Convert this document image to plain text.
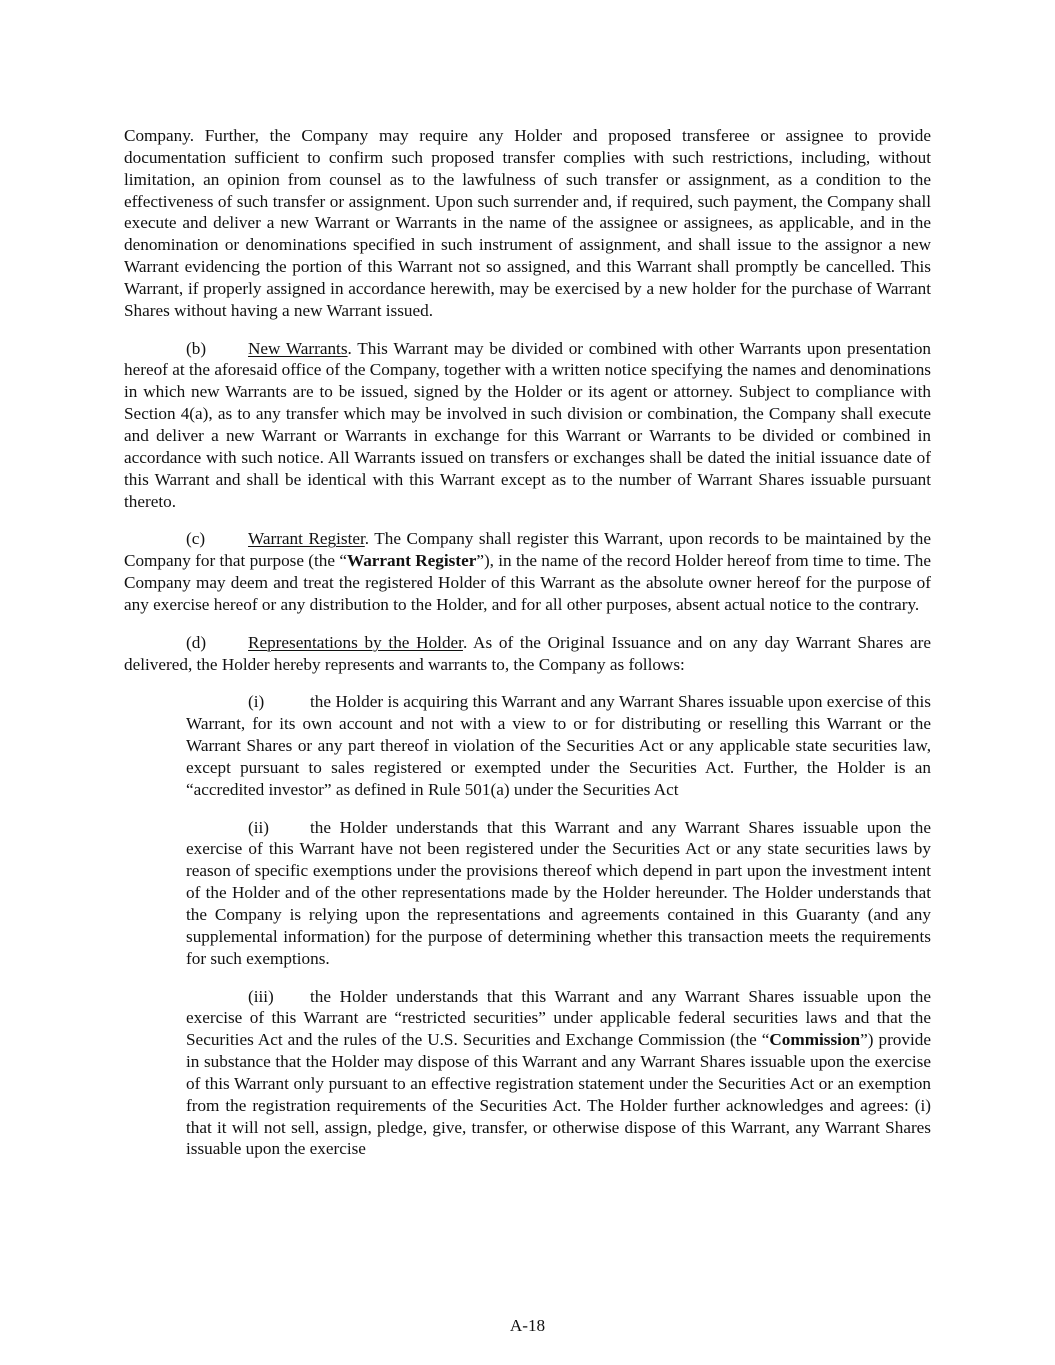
Company. Further, the Company may require any Holder and proposed transferee or assignee to provide documentation sufficient to confirm such proposed transfer complies with such restrictions, including, without limitation, an opinion from counsel as to the lawfulness of such transfer or assignment, as a condition to the effectiveness of such transfer or assignment. Upon such surrender and, if required, such payment, the Company shall execute and deliver a new Warrant or Warrants in the name of the assignee or assignees, as applicable, and in the denomination or denominations specified in such instrument of assignment, and shall issue to the assignor a new Warrant evidencing the portion of this Warrant not so assigned, and this Warrant shall promptly be cancelled. This Warrant, if properly assigned in accordance herewith, may be exercised by a new holder for the purchase of Warrant Shares without having a new Warrant issued.

(b) New Warrants. This Warrant may be divided or combined with other Warrants upon presentation hereof at the aforesaid office of the Company, together with a written notice specifying the names and denominations in which new Warrants are to be issued, signed by the Holder or its agent or attorney. Subject to compliance with Section 4(a), as to any transfer which may be involved in such division or combination, the Company shall execute and deliver a new Warrant or Warrants in exchange for this Warrant or Warrants to be divided or combined in accordance with such notice. All Warrants issued on transfers or exchanges shall be dated the initial issuance date of this Warrant and shall be identical with this Warrant except as to the number of Warrant Shares issuable pursuant thereto.

(c) Warrant Register. The Company shall register this Warrant, upon records to be maintained by the Company for that purpose (the “Warrant Register”), in the name of the record Holder hereof from time to time. The Company may deem and treat the registered Holder of this Warrant as the absolute owner hereof for the purpose of any exercise hereof or any distribution to the Holder, and for all other purposes, absent actual notice to the contrary.

(d) Representations by the Holder. As of the Original Issuance and on any day Warrant Shares are delivered, the Holder hereby represents and warrants to, the Company as follows:

(i)	the Holder is acquiring this Warrant and any Warrant Shares issuable upon exercise of this Warrant, for its own account and not with a view to or for distributing or reselling this Warrant or the Warrant Shares or any part thereof in violation of the Securities Act or any applicable state securities law, except pursuant to sales registered or exempted under the Securities Act. Further, the Holder is an “accredited investor” as defined in Rule 501(a) under the Securities Act

(ii) the Holder understands that this Warrant and any Warrant Shares issuable upon the exercise of this Warrant have not been registered under the Securities Act or any state securities laws by reason of specific exemptions under the provisions thereof which depend in part upon the investment intent of the Holder and of the other representations made by the Holder hereunder. The Holder understands that the Company is relying upon the representations and agreements contained in this Guaranty (and any supplemental information) for the purpose of determining whether this transaction meets the requirements for such exemptions.

(iii) the Holder understands that this Warrant and any Warrant Shares issuable upon the exercise of this Warrant are “restricted securities” under applicable federal securities laws and that the Securities Act and the rules of the U.S. Securities and Exchange Commission (the “Commission”) provide in substance that the Holder may dispose of this Warrant and any Warrant Shares issuable upon the exercise of this Warrant only pursuant to an effective registration statement under the Securities Act or an exemption from the registration requirements of the Securities Act. The Holder further acknowledges and agrees: (i) that it will not sell, assign, pledge, give, transfer, or otherwise dispose of this Warrant, any Warrant Shares issuable upon the exercise

A-18
